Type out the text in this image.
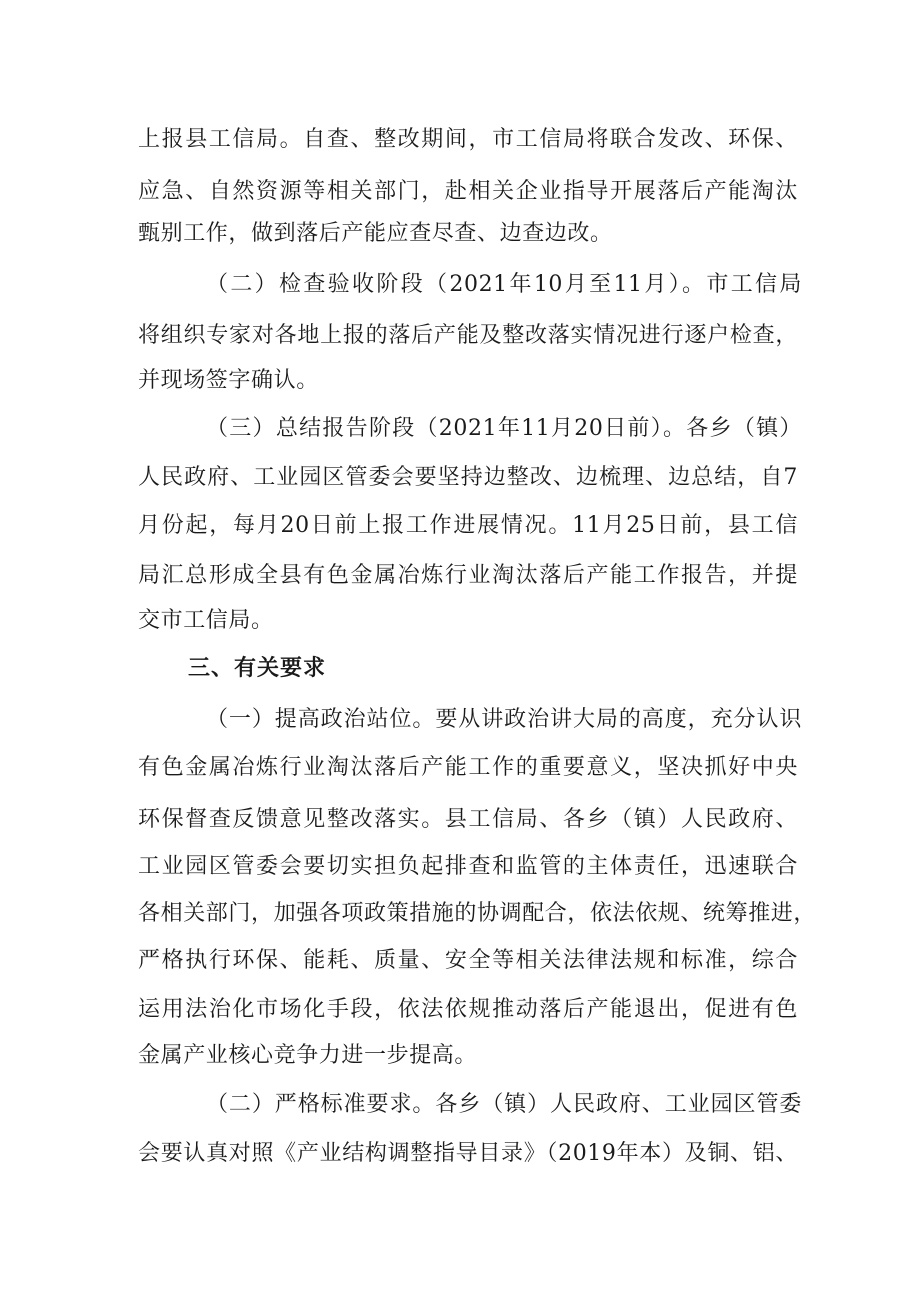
上报县工信局。自查、整改期间，市工信局将联合发改、环保、
应急、自然资源等相关部门，赴相关企业指导开展落后产能淘汰
甄别工作，做到落后产能应查尽查、边查边改。
（二）检查验收阶段（2021年10月至11月）。市工信局
将组织专家对各地上报的落后产能及整改落实情况进行逐户检查，
并现场签字确认。
（三）总结报告阶段（2021年11月20日前）。各乡（镇）
人民政府、工业园区管委会要坚持边整改、边梳理、边总结，自7
月份起，每月20日前上报工作进展情况。11月25日前，县工信
局汇总形成全县有色金属冶炼行业淘汰落后产能工作报告，并提
交市工信局。
三、有关要求
（一）提高政治站位。要从讲政治讲大局的高度，充分认识
有色金属冶炼行业淘汰落后产能工作的重要意义，坚决抓好中央
环保督查反馈意见整改落实。县工信局、各乡（镇）人民政府、
工业园区管委会要切实担负起排查和监管的主体责任，迅速联合
各相关部门，加强各项政策措施的协调配合，依法依规、统筹推进，
严格执行环保、能耗、质量、安全等相关法律法规和标准，综合
运用法治化市场化手段，依法依规推动落后产能退出，促进有色
金属产业核心竞争力进一步提高。
（二）严格标准要求。各乡（镇）人民政府、工业园区管委
会要认真对照《产业结构调整指导目录》（2019年本）及铜、铝、
